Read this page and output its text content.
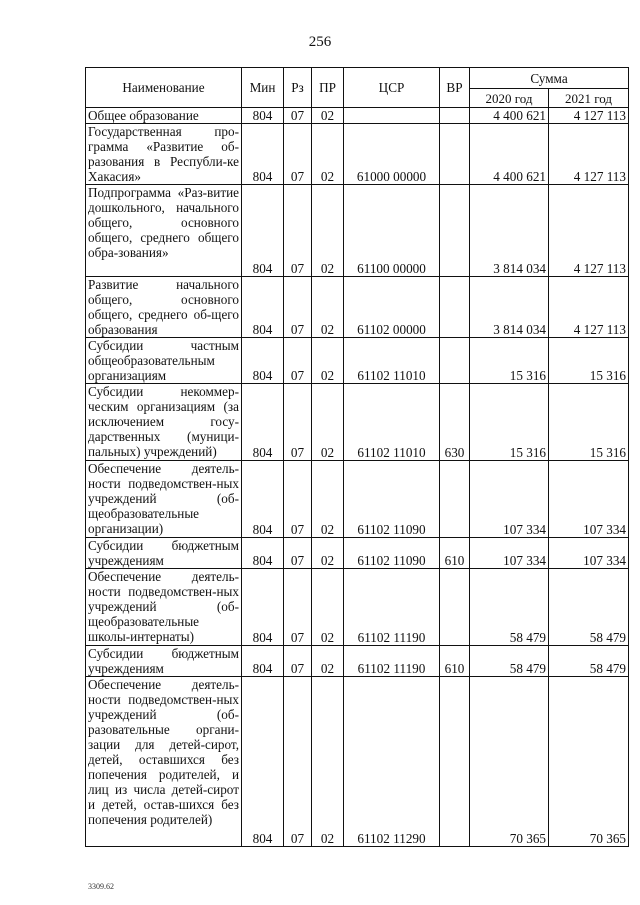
256
Наименование	Мин	Рз	ПР	ЦСР	ВР	Сумма	
						2020 год	2021 год
Общее образование	804	07	02			4 400 621	4 127 113
Государственная про-грамма «Развитие об-разования в Республи-ке Хакасия»	804	07	02	61000 00000		4 400 621	4 127 113
Подпрограмма «Раз-витие дошкольного, начального общего, основного общего, среднего общего обра-зования»	804	07	02	61100 00000		3 814 034	4 127 113
Развитие начального общего, основного общего, среднего об-щего образования	804	07	02	61102 00000		3 814 034	4 127 113
Субсидии частным общеобразовательным организациям	804	07	02	61102 11010		15 316	15 316
Субсидии некоммер-ческим организациям (за исключением госу-дарственных (муници-пальных) учреждений)	804	07	02	61102 11010	630	15 316	15 316
Обеспечение деятель-ности подведомствен-ных учреждений (об-щеобразовательные организации)	804	07	02	61102 11090		107 334	107 334
Субсидии бюджетным учреждениям	804	07	02	61102 11090	610	107 334	107 334
Обеспечение деятель-ности подведомствен-ных учреждений (об-щеобразовательные школы-интернаты)	804	07	02	61102 11190		58 479	58 479
Субсидии бюджетным учреждениям	804	07	02	61102 11190	610	58 479	58 479
Обеспечение деятель-ности подведомствен-ных учреждений (об-разовательные органи-зации для детей-сирот, детей, оставшихся без попечения родителей, и лиц из числа детей-сирот и детей, остав-шихся без попечения родителей)	804	07	02	61102 11290		70 365	70 365
3309.62
